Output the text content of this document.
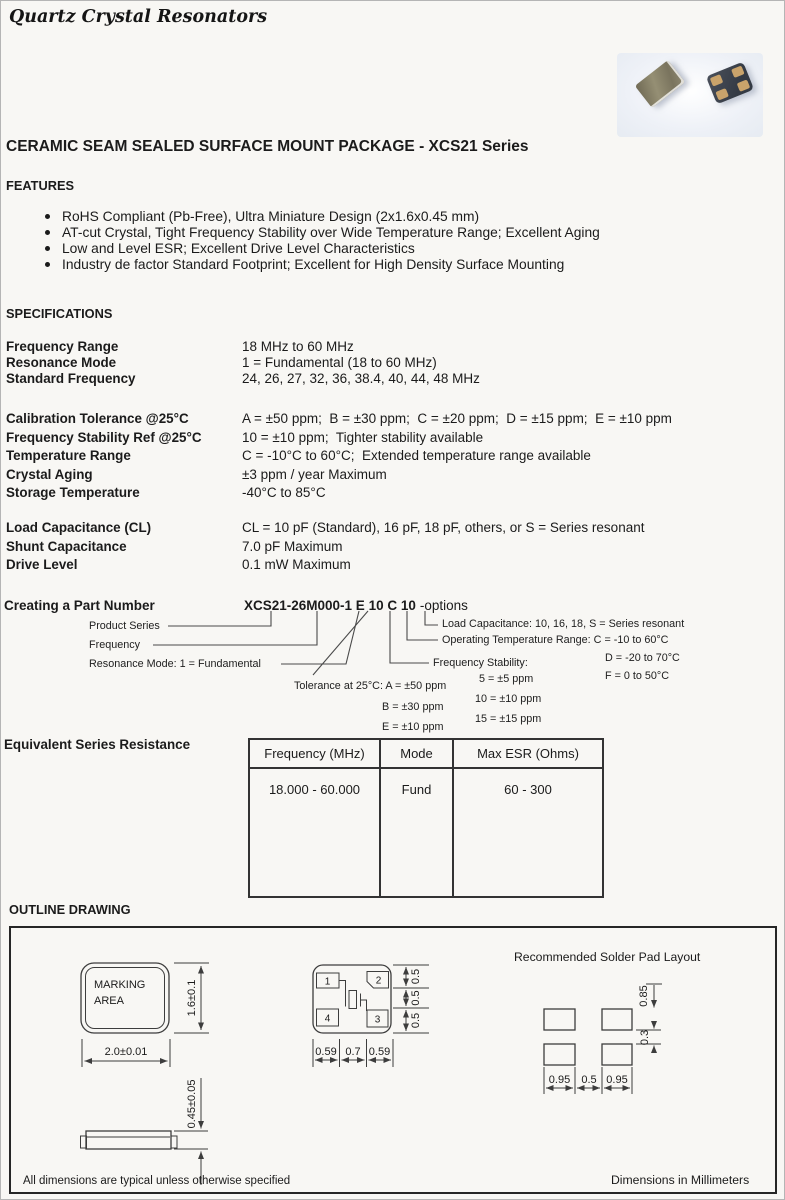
Quartz Crystal Resonators
CERAMIC SEAM SEALED SURFACE MOUNT PACKAGE - XCS21 Series
FEATURES
RoHS Compliant (Pb-Free), Ultra Miniature Design (2x1.6x0.45 mm)
AT-cut Crystal, Tight Frequency Stability over Wide Temperature Range; Excellent Aging
Low and Level ESR; Excellent Drive Level Characteristics
Industry de factor Standard Footprint; Excellent for High Density Surface Mounting
SPECIFICATIONS
Frequency Range	18 MHz to 60 MHz
Resonance Mode	1 = Fundamental (18 to 60 MHz)
Standard Frequency	24, 26, 27, 32, 36, 38.4, 40, 44, 48 MHz
Calibration Tolerance @25°C	A = ±50 ppm;  B = ±30 ppm;  C = ±20 ppm;  D = ±15 ppm;  E = ±10 ppm
Frequency Stability Ref @25°C	10 = ±10 ppm;  Tighter stability available
Temperature Range	C = -10°C to 60°C;  Extended temperature range available
Crystal Aging	±3 ppm / year Maximum
Storage Temperature	-40°C to 85°C
Load Capacitance (CL)	CL = 10 pF (Standard), 16 pF, 18 pF, others, or S = Series resonant
Shunt Capacitance	7.0 pF Maximum
Drive Level	0.1 mW Maximum
Creating a Part Number	XCS21-26M000-1 E 10 C 10 -options
Product Series
Frequency
Resonance Mode: 1 = Fundamental
Tolerance at 25°C: A = ±50 ppm
B = ±30 ppm
E = ±10 ppm
Load Capacitance: 10, 16, 18, S = Series resonant
Operating Temperature Range: C = -10 to 60°C
D = -20 to 70°C
F = 0 to 50°C
Frequency Stability:
5 = ±5 ppm
10 = ±10 ppm
15 = ±15 ppm
Equivalent Series Resistance
Frequency (MHz)	Mode	Max ESR (Ohms)
18.000 - 60.000	Fund	60 - 300
OUTLINE DRAWING
MARKING
AREA	1.6±0.1
2.0±0.01
0.45±0.05
1	2
4	3
0.5
0.5
0.5
0.59 0.7 0.59
Recommended Solder Pad Layout
0.85
0.3
0.95 0.5 0.95
All dimensions are typical unless otherwise specified	Dimensions in Millimeters
